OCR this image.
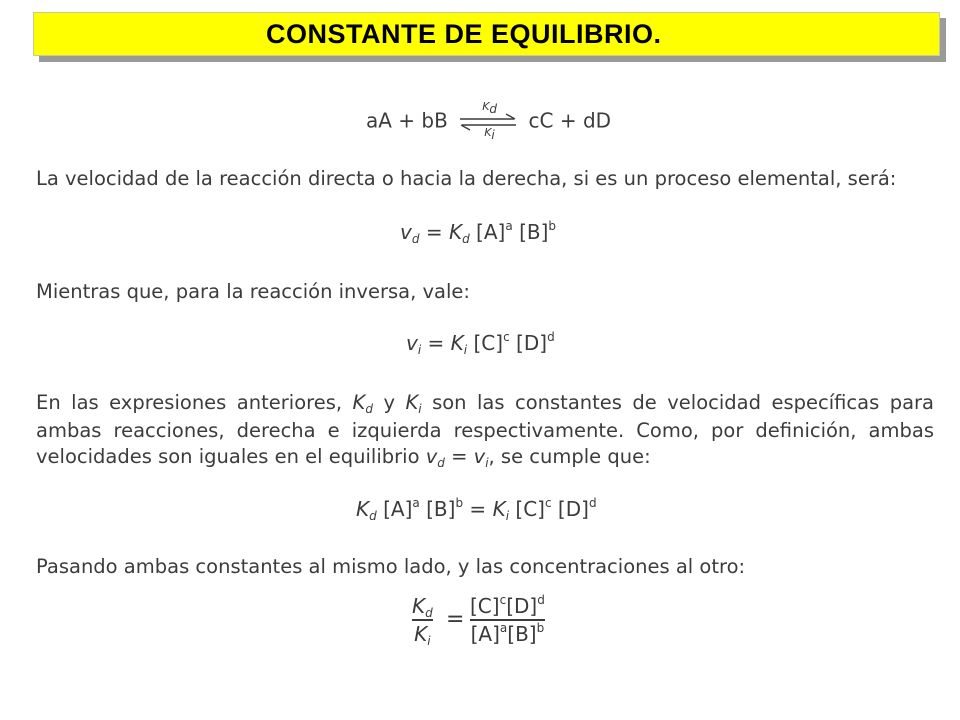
CONSTANTE DE EQUILIBRIO.
aA + bB
$K_d$
$K_i$
cC + dD
La velocidad de la reacción directa o hacia la derecha, si es un proceso elemental, será:
$v_d = K_d$ $[A]^a$ $[B]^b$
Mientras que, para la reacción inversa, vale:
$v_i = K_i$ $[C]^c$ $[D]^d$
En las expresiones anteriores, $K_d$ y $K_i$ son las constantes de velocidad específicas para ambas reacciones, derecha e izquierda respectivamente. Como, por definición, ambas velocidades son iguales en el equilibrio $v_d = v_i$, se cumple que:
$K_d$ $[A]^a$ $[B]^b = K_i$ $[C]^c$ $[D]^d$
Pasando ambas constantes al mismo lado, y las concentraciones al otro:
$K_d$
$K_i$
=
$[C]^c[D]^d$
$[A]^a[B]^b$
